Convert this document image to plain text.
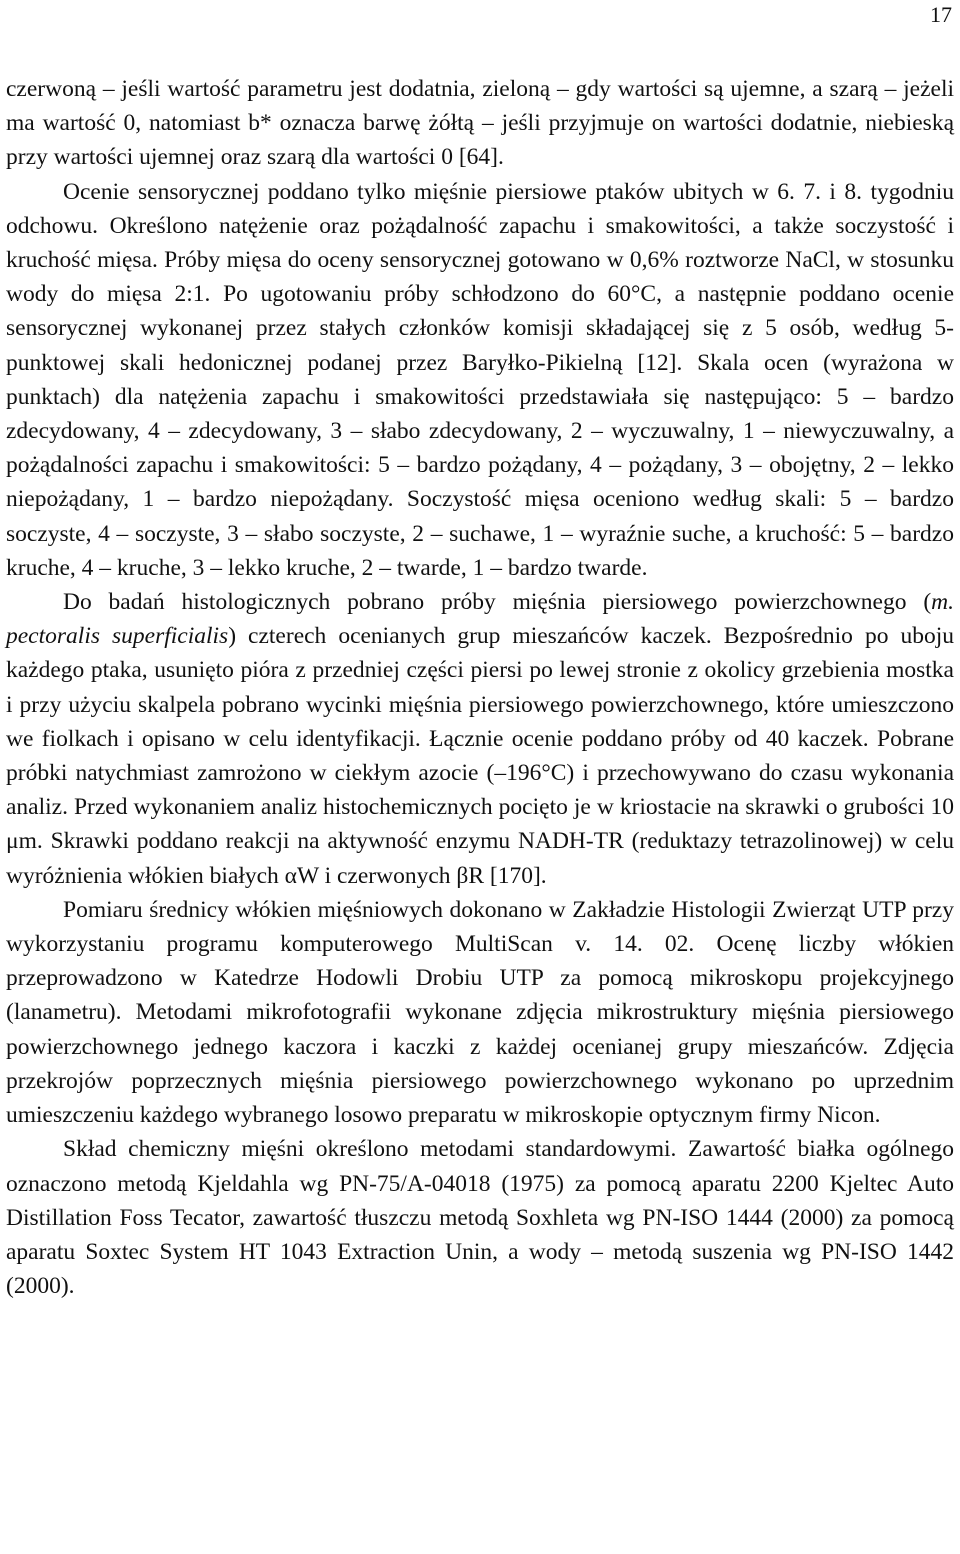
17

czerwoną – jeśli wartość parametru jest dodatnia, zieloną – gdy wartości są ujemne, a szarą – jeżeli ma wartość 0, natomiast b* oznacza barwę żółtą – jeśli przyjmuje on wartości dodatnie, niebieską przy wartości ujemnej oraz szarą dla wartości 0 [64].

Ocenie sensorycznej poddano tylko mięśnie piersiowe ptaków ubitych w 6. 7. i 8. tygodniu odchowu. Określono natężenie oraz pożądalność zapachu i smakowitości, a także soczystość i kruchość mięsa. Próby mięsa do oceny sensorycznej gotowano w 0,6% roztworze NaCl, w stosunku wody do mięsa 2:1. Po ugotowaniu próby schłodzono do 60°C, a następnie poddano ocenie sensorycznej wykonanej przez stałych członków komisji składającej się z 5 osób, według 5-punktowej skali hedonicznej podanej przez Baryłko-Pikielną [12]. Skala ocen (wyrażona w punktach) dla natężenia zapachu i smakowitości przedstawiała się następująco: 5 – bardzo zdecydowany, 4 – zdecydowany, 3 – słabo zdecydowany, 2 – wyczuwalny, 1 – niewyczuwalny, a pożądalności zapachu i smakowitości: 5 – bardzo pożądany, 4 – pożądany, 3 – obojętny, 2 – lekko niepożądany, 1 – bardzo niepożądany. Soczystość mięsa oceniono według skali: 5 – bardzo soczyste, 4 – soczyste, 3 – słabo soczyste, 2 – suchawe, 1 – wyraźnie suche, a kruchość: 5 – bardzo kruche, 4 – kruche, 3 – lekko kruche, 2 – twarde, 1 – bardzo twarde.

Do badań histologicznych pobrano próby mięśnia piersiowego powierzchownego (m. pectoralis superficialis) czterech ocenianych grup mieszańców kaczek. Bezpośrednio po uboju każdego ptaka, usunięto pióra z przedniej części piersi po lewej stronie z okolicy grzebienia mostka i przy użyciu skalpela pobrano wycinki mięśnia piersiowego powierzchownego, które umieszczono we fiolkach i opisano w celu identyfikacji. Łącznie ocenie poddano próby od 40 kaczek. Pobrane próbki natychmiast zamrożono w ciekłym azocie (–196°C) i przechowywano do czasu wykonania analiz. Przed wykonaniem analiz histochemicznych pocięto je w kriostacie na skrawki o grubości 10 μm. Skrawki poddano reakcji na aktywność enzymu NADH-TR (reduktazy tetrazolinowej) w celu wyróżnienia włókien białych αW i czerwonych βR [170].

Pomiaru średnicy włókien mięśniowych dokonano w Zakładzie Histologii Zwierząt UTP przy wykorzystaniu programu komputerowego MultiScan v. 14. 02. Ocenę liczby włókien przeprowadzono w Katedrze Hodowli Drobiu UTP za pomocą mikroskopu projekcyjnego (lanametru). Metodami mikrofotografii wykonane zdjęcia mikrostruktury mięśnia piersiowego powierzchownego jednego kaczora i kaczki z każdej ocenianej grupy mieszańców. Zdjęcia przekrojów poprzecznych mięśnia piersiowego powierzchownego wykonano po uprzednim umieszczeniu każdego wybranego losowo preparatu w mikroskopie optycznym firmy Nicon.

Skład chemiczny mięśni określono metodami standardowymi. Zawartość białka ogólnego oznaczono metodą Kjeldahla wg PN-75/A-04018 (1975) za pomocą aparatu 2200 Kjeltec Auto Distillation Foss Tecator, zawartość tłuszczu metodą Soxhleta wg PN-ISO 1444 (2000) za pomocą aparatu Soxtec System HT 1043 Extraction Unin, a wody – metodą suszenia wg PN-ISO 1442 (2000).
